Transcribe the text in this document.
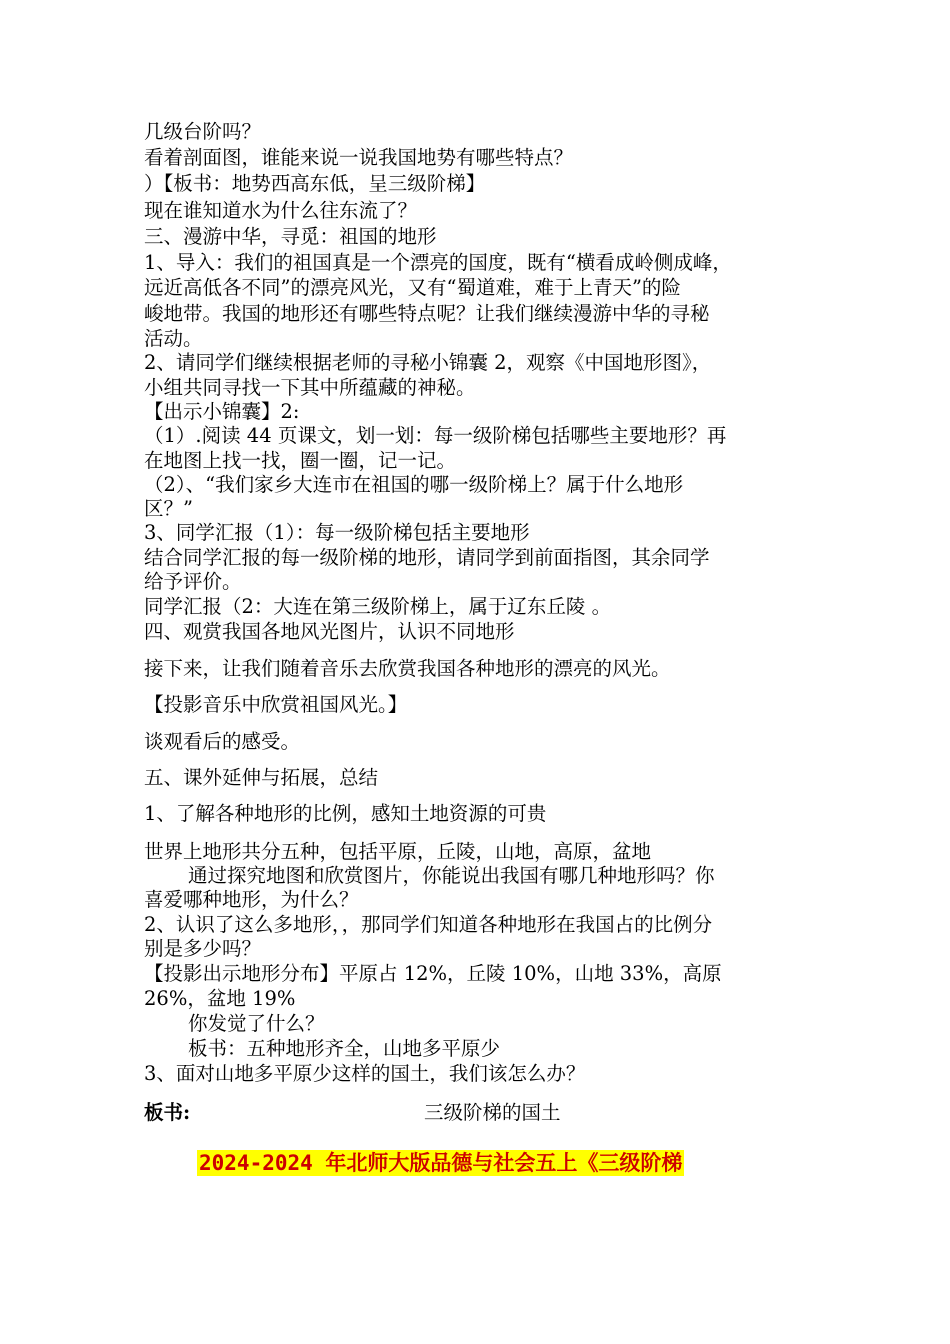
几级台阶吗？
看着剖面图，谁能来说一说我国地势有哪些特点？
）【板书：地势西高东低，呈三级阶梯】
现在谁知道水为什么往东流了？
三、漫游中华，寻觅：祖国的地形
1、导入：我们的祖国真是一个漂亮的国度，既有“横看成岭侧成峰，
远近高低各不同”的漂亮风光，又有“蜀道难，难于上青天”的险
峻地带。我国的地形还有哪些特点呢？让我们继续漫游中华的寻秘
活动。
2、请同学们继续根据老师的寻秘小锦囊 2，观察《中国地形图》，
小组共同寻找一下其中所蕴藏的神秘。
【出示小锦囊】2:
（1）.阅读 44 页课文，划一划：每一级阶梯包括哪些主要地形？再
在地图上找一找，圈一圈，记一记。
（2）、“我们家乡大连市在祖国的哪一级阶梯上？属于什么地形
区？”
3、同学汇报（1）：每一级阶梯包括主要地形
结合同学汇报的每一级阶梯的地形，请同学到前面指图，其余同学
给予评价。
同学汇报（2：大连在第三级阶梯上，属于辽东丘陵 。
四、观赏我国各地风光图片，认识不同地形
接下来，让我们随着音乐去欣赏我国各种地形的漂亮的风光。
【投影音乐中欣赏祖国风光。】
谈观看后的感受。
五、课外延伸与拓展，总结
1、了解各种地形的比例，感知土地资源的可贵
世界上地形共分五种，包括平原，丘陵，山地，高原，盆地
通过探究地图和欣赏图片，你能说出我国有哪几种地形吗？你
喜爱哪种地形，为什么？
2、认识了这么多地形，，那同学们知道各种地形在我国占的比例分
别是多少吗？
【投影出示地形分布】平原占 12%，丘陵 10%，山地 33%，高原
26%，盆地 19%
你发觉了什么？
板书：五种地形齐全，山地多平原少
3、面对山地多平原少这样的国土，我们该怎么办？
板书:	三级阶梯的国土
2024-2024 年北师大版品德与社会五上《三级阶梯
